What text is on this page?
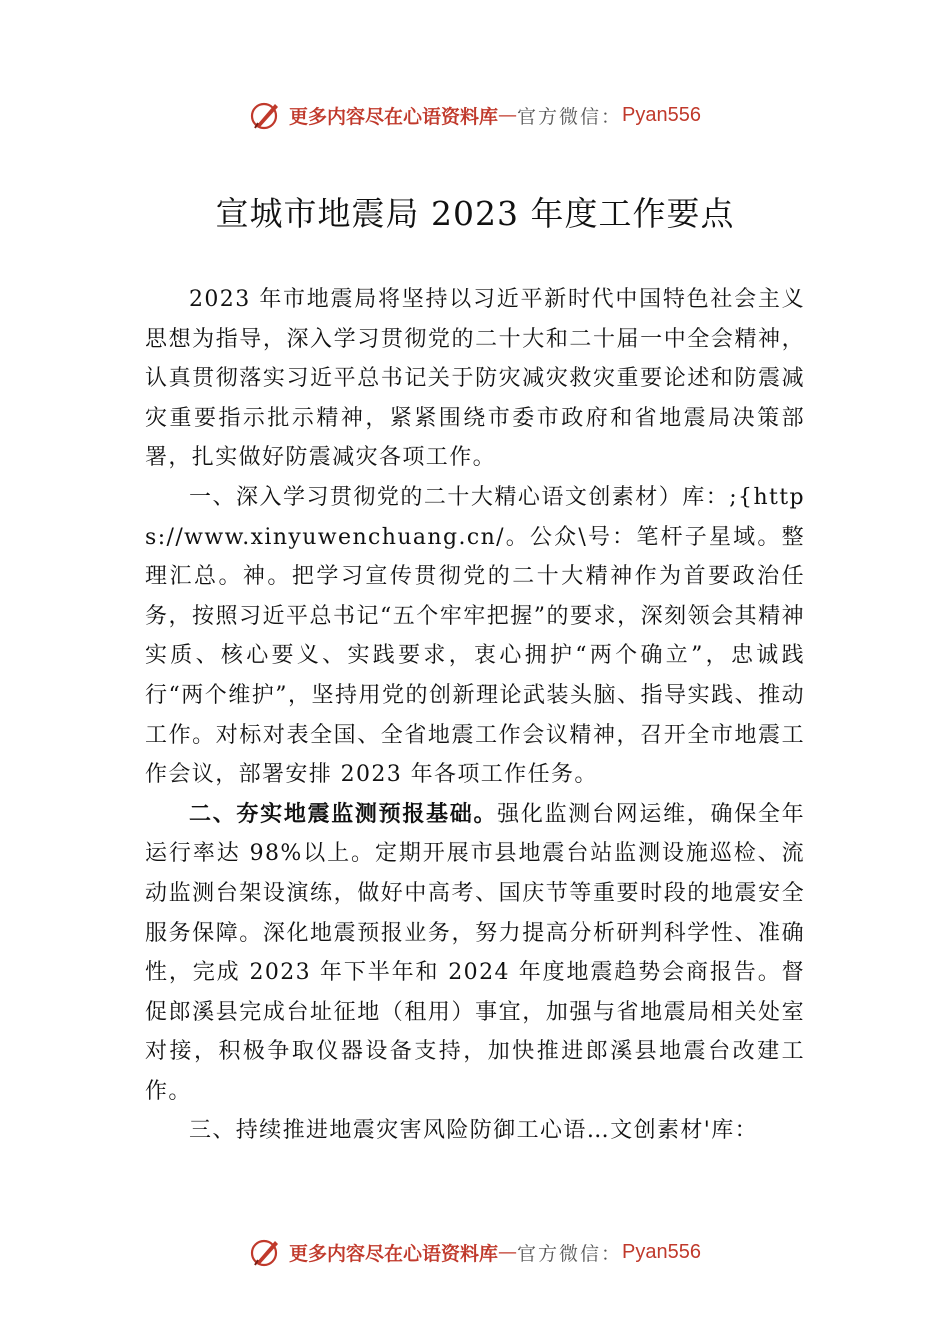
更多内容尽在心语资料库 — 官方微信： Pyan556
宣城市地震局 2023 年度工作要点

2023 年市地震局将坚持以习近平新时代中国特色社会主义思想为指导，深入学习贯彻党的二十大和二十届一中全会精神，认真贯彻落实习近平总书记关于防灾减灾救灾重要论述和防震减灾重要指示批示精神，紧紧围绕市委市政府和省地震局决策部署，扎实做好防震减灾各项工作。

一、深入学习贯彻党的二十大精心语文创素材）库：;{https://www.xinyuwenchuang.cn/。公众\号：笔杆子星域。整理汇总。神。把学习宣传贯彻党的二十大精神作为首要政治任务，按照习近平总书记“五个牢牢把握”的要求，深刻领会其精神实质、核心要义、实践要求，衷心拥护“两个确立”，忠诚践行“两个维护”，坚持用党的创新理论武装头脑、指导实践、推动工作。对标对表全国、全省地震工作会议精神，召开全市地震工作会议，部署安排 2023 年各项工作任务。

二、夯实地震监测预报基础。强化监测台网运维，确保全年运行率达 98%以上。定期开展市县地震台站监测设施巡检、流动监测台架设演练，做好中高考、国庆节等重要时段的地震安全服务保障。深化地震预报业务，努力提高分析研判科学性、准确性，完成 2023 年下半年和 2024 年度地震趋势会商报告。督促郎溪县完成台址征地（租用）事宜，加强与省地震局相关处室对接，积极争取仪器设备支持，加快推进郎溪县地震台改建工作。

三、持续推进地震灾害风险防御工心语…文创素材'库：

更多内容尽在心语资料库 — 官方微信： Pyan556
